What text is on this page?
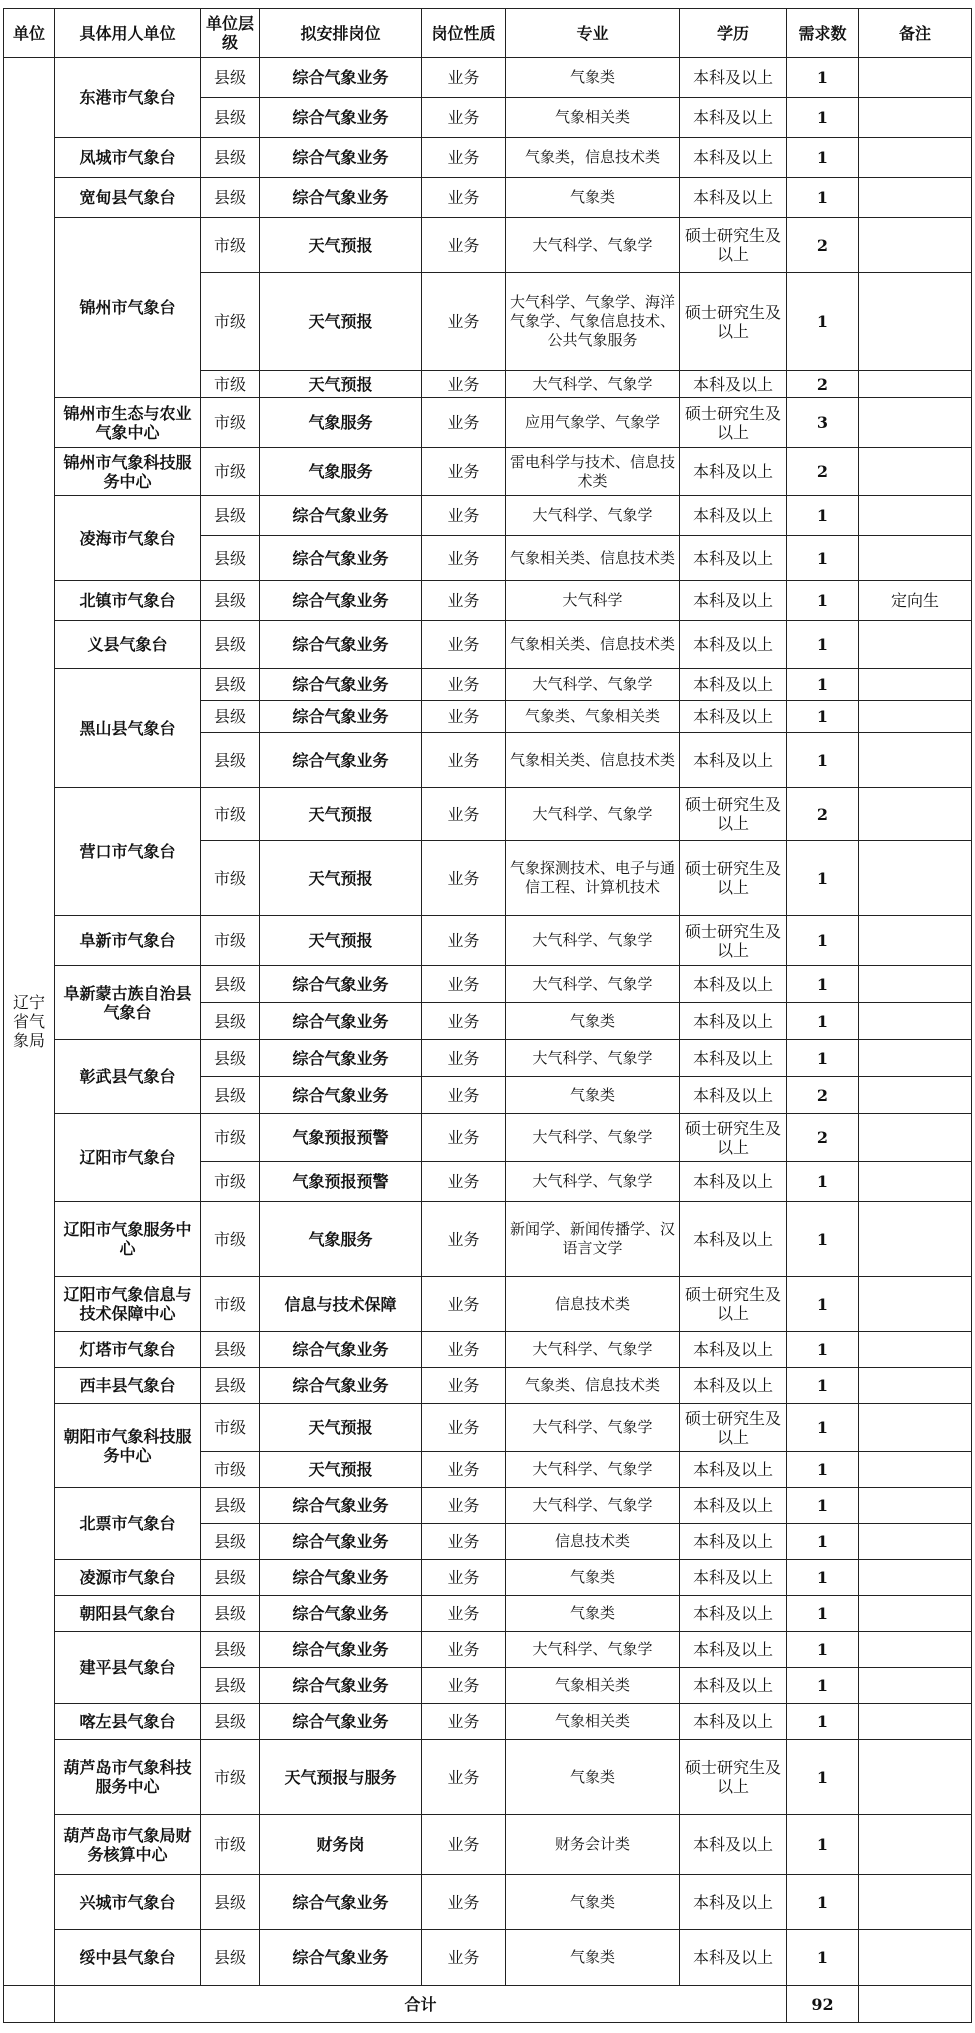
单位	具体用人单位	单位层级	拟安排岗位	岗位性质	专业	学历	需求数	备注
辽宁省气象局	东港市气象台	县级	综合气象业务	业务	气象类	本科及以上	1	
		县级	综合气象业务	业务	气象相关类	本科及以上	1	
	凤城市气象台	县级	综合气象业务	业务	气象类，信息技术类	本科及以上	1	
	宽甸县气象台	县级	综合气象业务	业务	气象类	本科及以上	1	
	锦州市气象台	市级	天气预报	业务	大气科学、气象学	硕士研究生及以上	2	
		市级	天气预报	业务	大气科学、气象学、海洋气象学、气象信息技术、公共气象服务	硕士研究生及以上	1	
		市级	天气预报	业务	大气科学、气象学	本科及以上	2	
	锦州市生态与农业气象中心	市级	气象服务	业务	应用气象学、气象学	硕士研究生及以上	3	
	锦州市气象科技服务中心	市级	气象服务	业务	雷电科学与技术、信息技术类	本科及以上	2	
	凌海市气象台	县级	综合气象业务	业务	大气科学、气象学	本科及以上	1	
		县级	综合气象业务	业务	气象相关类、信息技术类	本科及以上	1	
	北镇市气象台	县级	综合气象业务	业务	大气科学	本科及以上	1	定向生
	义县气象台	县级	综合气象业务	业务	气象相关类、信息技术类	本科及以上	1	
	黑山县气象台	县级	综合气象业务	业务	大气科学、气象学	本科及以上	1	
		县级	综合气象业务	业务	气象类、气象相关类	本科及以上	1	
		县级	综合气象业务	业务	气象相关类、信息技术类	本科及以上	1	
	营口市气象台	市级	天气预报	业务	大气科学、气象学	硕士研究生及以上	2	
		市级	天气预报	业务	气象探测技术、电子与通信工程、计算机技术	硕士研究生及以上	1	
	阜新市气象台	市级	天气预报	业务	大气科学、气象学	硕士研究生及以上	1	
	阜新蒙古族自治县气象台	县级	综合气象业务	业务	大气科学、气象学	本科及以上	1	
		县级	综合气象业务	业务	气象类	本科及以上	1	
	彰武县气象台	县级	综合气象业务	业务	大气科学、气象学	本科及以上	1	
		县级	综合气象业务	业务	气象类	本科及以上	2	
	辽阳市气象台	市级	气象预报预警	业务	大气科学、气象学	硕士研究生及以上	2	
		市级	气象预报预警	业务	大气科学、气象学	本科及以上	1	
	辽阳市气象服务中心	市级	气象服务	业务	新闻学、新闻传播学、汉语言文学	本科及以上	1	
	辽阳市气象信息与技术保障中心	市级	信息与技术保障	业务	信息技术类	硕士研究生及以上	1	
	灯塔市气象台	县级	综合气象业务	业务	大气科学、气象学	本科及以上	1	
	西丰县气象台	县级	综合气象业务	业务	气象类、信息技术类	本科及以上	1	
	朝阳市气象科技服务中心	市级	天气预报	业务	大气科学、气象学	硕士研究生及以上	1	
		市级	天气预报	业务	大气科学、气象学	本科及以上	1	
	北票市气象台	县级	综合气象业务	业务	大气科学、气象学	本科及以上	1	
		县级	综合气象业务	业务	信息技术类	本科及以上	1	
	凌源市气象台	县级	综合气象业务	业务	气象类	本科及以上	1	
	朝阳县气象台	县级	综合气象业务	业务	气象类	本科及以上	1	
	建平县气象台	县级	综合气象业务	业务	大气科学、气象学	本科及以上	1	
		县级	综合气象业务	业务	气象相关类	本科及以上	1	
	喀左县气象台	县级	综合气象业务	业务	气象相关类	本科及以上	1	
	葫芦岛市气象科技服务中心	市级	天气预报与服务	业务	气象类	硕士研究生及以上	1	
	葫芦岛市气象局财务核算中心	市级	财务岗	业务	财务会计类	本科及以上	1	
	兴城市气象台	县级	综合气象业务	业务	气象类	本科及以上	1	
	绥中县气象台	县级	综合气象业务	业务	气象类	本科及以上	1	
	合计						92	
